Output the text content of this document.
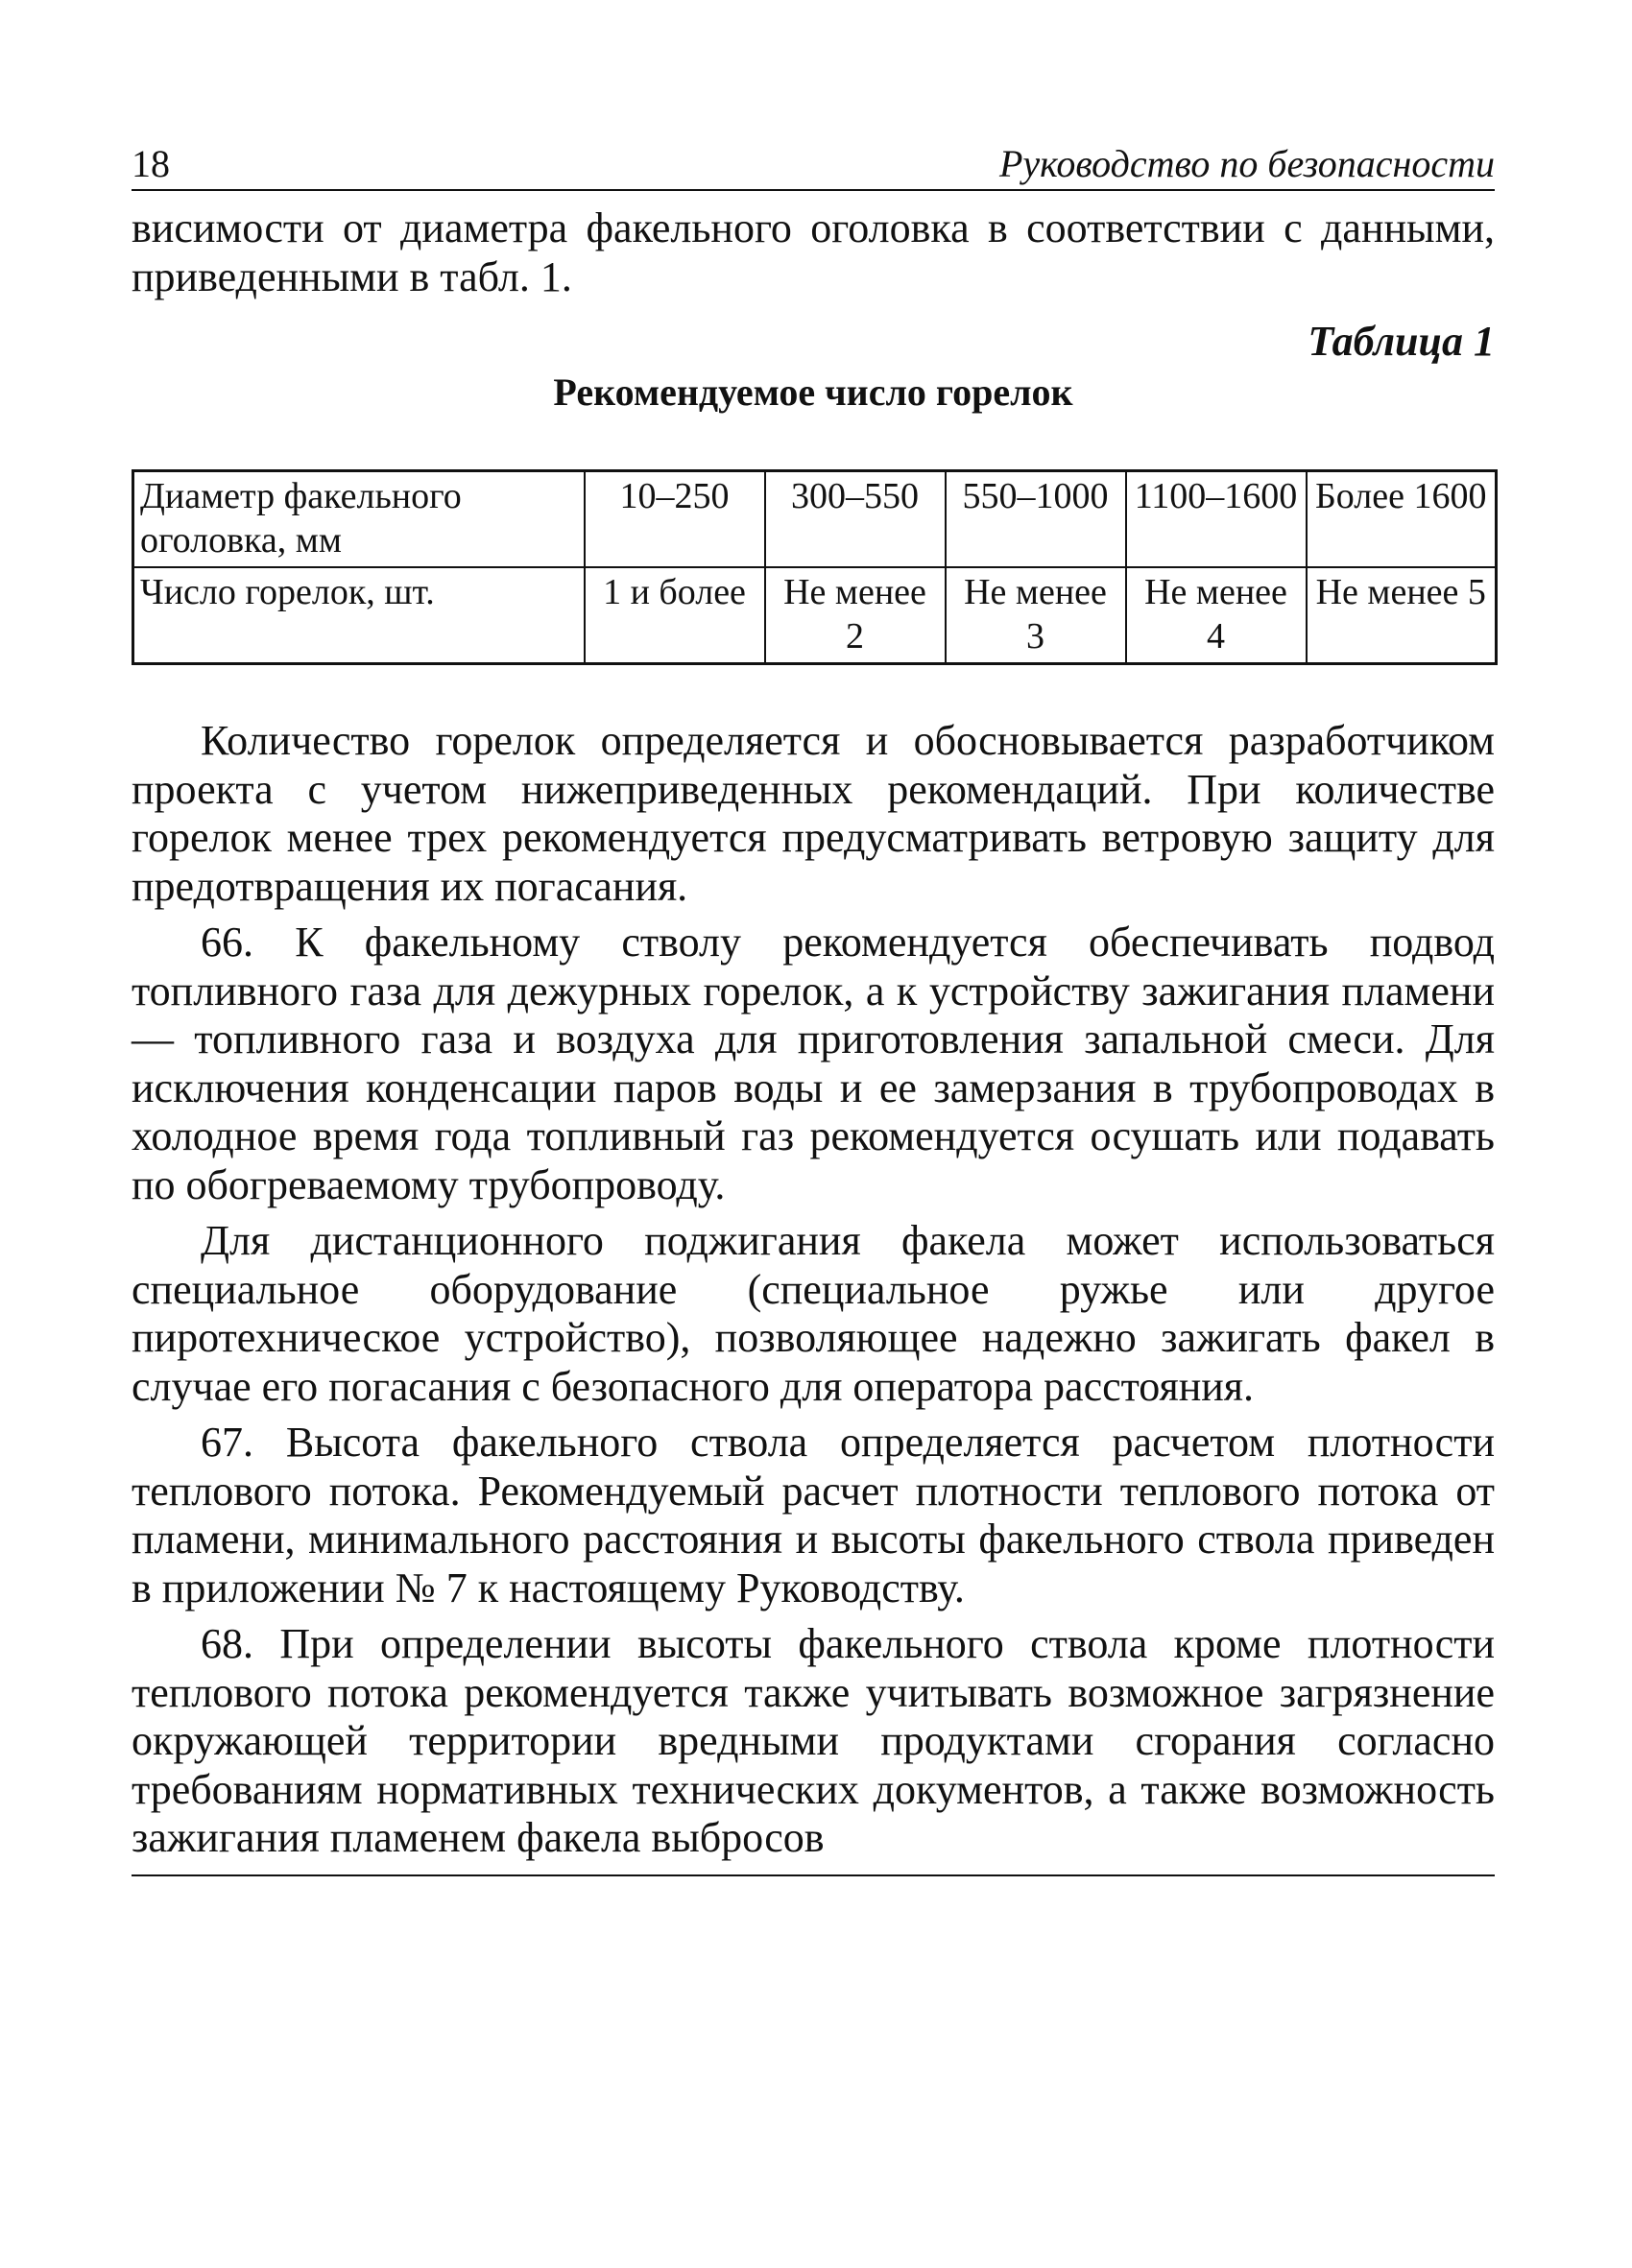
18	Руководство по безопасности

висимости от диаметра факельного оголовка в соответствии с данными, приведенными в табл. 1.

Таблица 1
Рекомендуемое число горелок
Диаметр факельного оголовка, мм	10–250	300–550	550–1000	1100–1600	Более 1600
Число горелок, шт.	1 и более	Не менее 2	Не менее 3	Не менее 4	Не менее 5

Количество горелок определяется и обосновывается разработчиком проекта с учетом нижеприведенных рекомендаций. При количестве горелок менее трех рекомендуется предусматривать ветровую защиту для предотвращения их погасания.

66. К факельному стволу рекомендуется обеспечивать подвод топливного газа для дежурных горелок, а к устройству зажигания пламени — топливного газа и воздуха для приготовления запальной смеси. Для исключения конденсации паров воды и ее замерзания в трубопроводах в холодное время года топливный газ рекомендуется осушать или подавать по обогреваемому трубопроводу.

Для дистанционного поджигания факела может использоваться специальное оборудование (специальное ружье или другое пиротехническое устройство), позволяющее надежно зажигать факел в случае его погасания с безопасного для оператора расстояния.

67. Высота факельного ствола определяется расчетом плотности теплового потока. Рекомендуемый расчет плотности теплового потока от пламени, минимального расстояния и высоты факельного ствола приведен в приложении № 7 к настоящему Руководству.

68. При определении высоты факельного ствола кроме плотности теплового потока рекомендуется также учитывать возможное загрязнение окружающей территории вредными продуктами сгорания согласно требованиям нормативных технических документов, а также возможность зажигания пламенем факела выбросов
